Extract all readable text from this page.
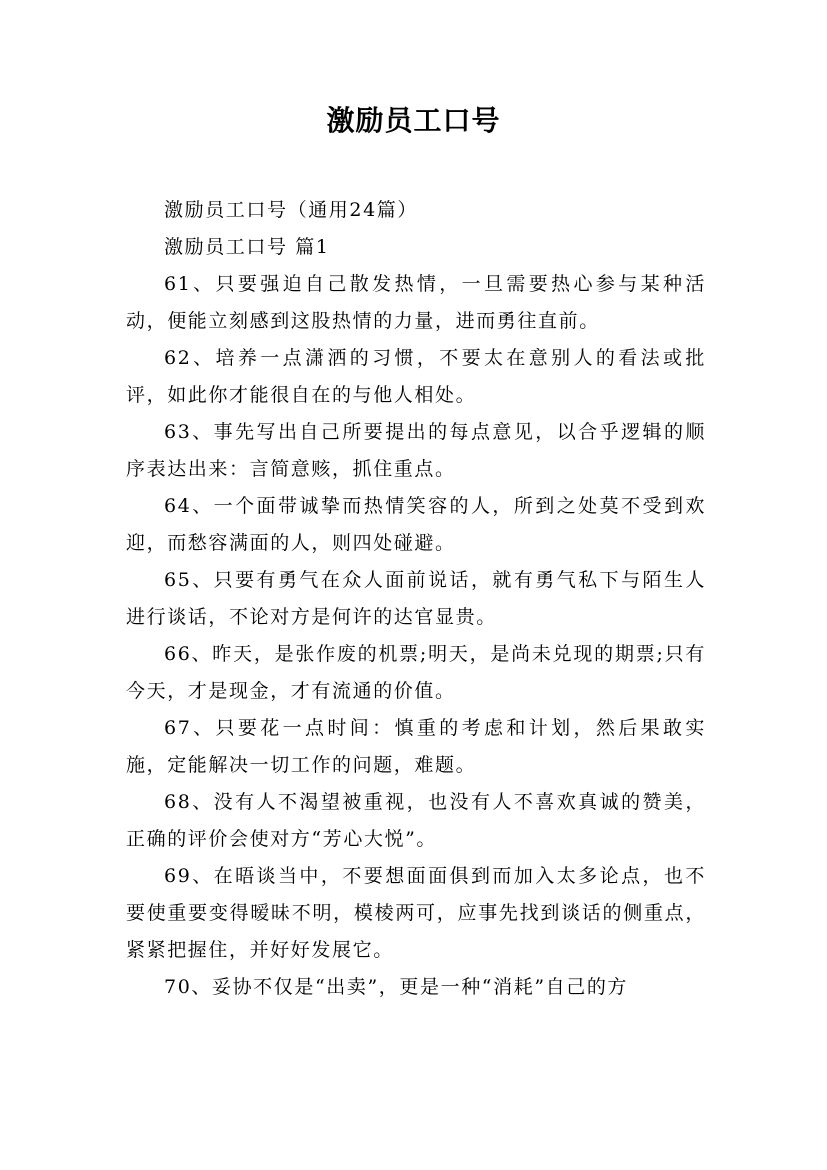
激励员工口号

激励员工口号（通用24篇）

激励员工口号 篇1

61、只要强迫自己散发热情，一旦需要热心参与某种活动，便能立刻感到这股热情的力量，进而勇往直前。

62、培养一点潇洒的习惯，不要太在意别人的看法或批评，如此你才能很自在的与他人相处。

63、事先写出自己所要提出的每点意见，以合乎逻辑的顺序表达出来：言简意赅，抓住重点。

64、一个面带诚挚而热情笑容的人，所到之处莫不受到欢迎，而愁容满面的人，则四处碰避。

65、只要有勇气在众人面前说话，就有勇气私下与陌生人进行谈话，不论对方是何许的达官显贵。

66、昨天，是张作废的机票;明天，是尚未兑现的期票;只有今天，才是现金，才有流通的价值。

67、只要花一点时间：慎重的考虑和计划，然后果敢实施，定能解决一切工作的问题，难题。

68、没有人不渴望被重视，也没有人不喜欢真诚的赞美，正确的评价会使对方“芳心大悦”。

69、在晤谈当中，不要想面面俱到而加入太多论点，也不要使重要变得暧昧不明，模棱两可，应事先找到谈话的侧重点，紧紧把握住，并好好发展它。

70、妥协不仅是“出卖”，更是一种“消耗”自己的方
